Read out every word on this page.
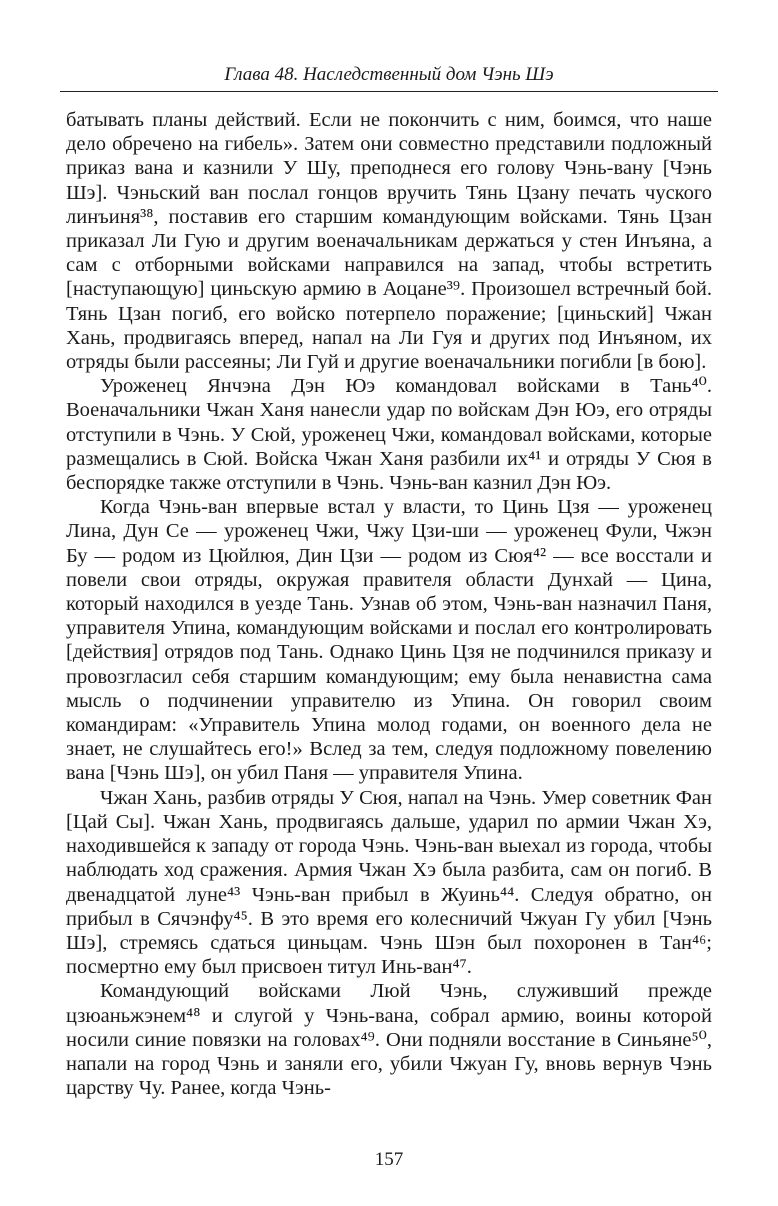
Глава 48. Наследственный дом Чэнь Шэ

батывать планы действий. Если не покончить с ним, боимся, что наше дело обречено на гибель». Затем они совместно представили подложный приказ вана и казнили У Шу, преподнеся его голову Чэнь-вану [Чэнь Шэ]. Чэньский ван послал гонцов вручить Тянь Цзану печать чуского линъиня³⁸, поставив его старшим командующим войсками. Тянь Цзан приказал Ли Гую и другим военачальникам держаться у стен Инъяна, а сам с отборными войсками направился на запад, чтобы встретить [наступающую] циньскую армию в Аоцане³⁹. Произошел встречный бой. Тянь Цзан погиб, его войско потерпело поражение; [циньский] Чжан Хань, продвигаясь вперед, напал на Ли Гуя и других под Инъяном, их отряды были рассеяны; Ли Гуй и другие военачальники погибли [в бою].

Уроженец Янчэна Дэн Юэ командовал войсками в Тань⁴⁰. Военачальники Чжан Ханя нанесли удар по войскам Дэн Юэ, его отряды отступили в Чэнь. У Сюй, уроженец Чжи, командовал войсками, которые размещались в Сюй. Войска Чжан Ханя разбили их⁴¹ и отряды У Сюя в беспорядке также отступили в Чэнь. Чэнь-ван казнил Дэн Юэ.

Когда Чэнь-ван впервые встал у власти, то Цинь Цзя — уроженец Лина, Дун Се — уроженец Чжи, Чжу Цзи-ши — уроженец Фули, Чжэн Бу — родом из Цюйлюя, Дин Цзи — родом из Сюя⁴² — все восстали и повели свои отряды, окружая правителя области Дунхай — Цина, который находился в уезде Тань. Узнав об этом, Чэнь-ван назначил Паня, управителя Упина, командующим войсками и послал его контролировать [действия] отрядов под Тань. Однако Цинь Цзя не подчинился приказу и провозгласил себя старшим командующим; ему была ненавистна сама мысль о подчинении управителю из Упина. Он говорил своим командирам: «Управитель Упина молод годами, он военного дела не знает, не слушайтесь его!» Вслед за тем, следуя подложному повелению вана [Чэнь Шэ], он убил Паня — управителя Упина.

Чжан Хань, разбив отряды У Сюя, напал на Чэнь. Умер советник Фан [Цай Сы]. Чжан Хань, продвигаясь дальше, ударил по армии Чжан Хэ, находившейся к западу от города Чэнь. Чэнь-ван выехал из города, чтобы наблюдать ход сражения. Армия Чжан Хэ была разбита, сам он погиб. В двенадцатой луне⁴³ Чэнь-ван прибыл в Жуинь⁴⁴. Следуя обратно, он прибыл в Сячэнфу⁴⁵. В это время его колесничий Чжуан Гу убил [Чэнь Шэ], стремясь сдаться циньцам. Чэнь Шэн был похоронен в Тан⁴⁶; посмертно ему был присвоен титул Инь-ван⁴⁷.

Командующий войсками Люй Чэнь, служивший прежде цзюаньжэнем⁴⁸ и слугой у Чэнь-вана, собрал армию, воины которой носили синие повязки на головах⁴⁹. Они подняли восстание в Синьяне⁵⁰, напали на город Чэнь и заняли его, убили Чжуан Гу, вновь вернув Чэнь царству Чу. Ранее, когда Чэнь-

157
